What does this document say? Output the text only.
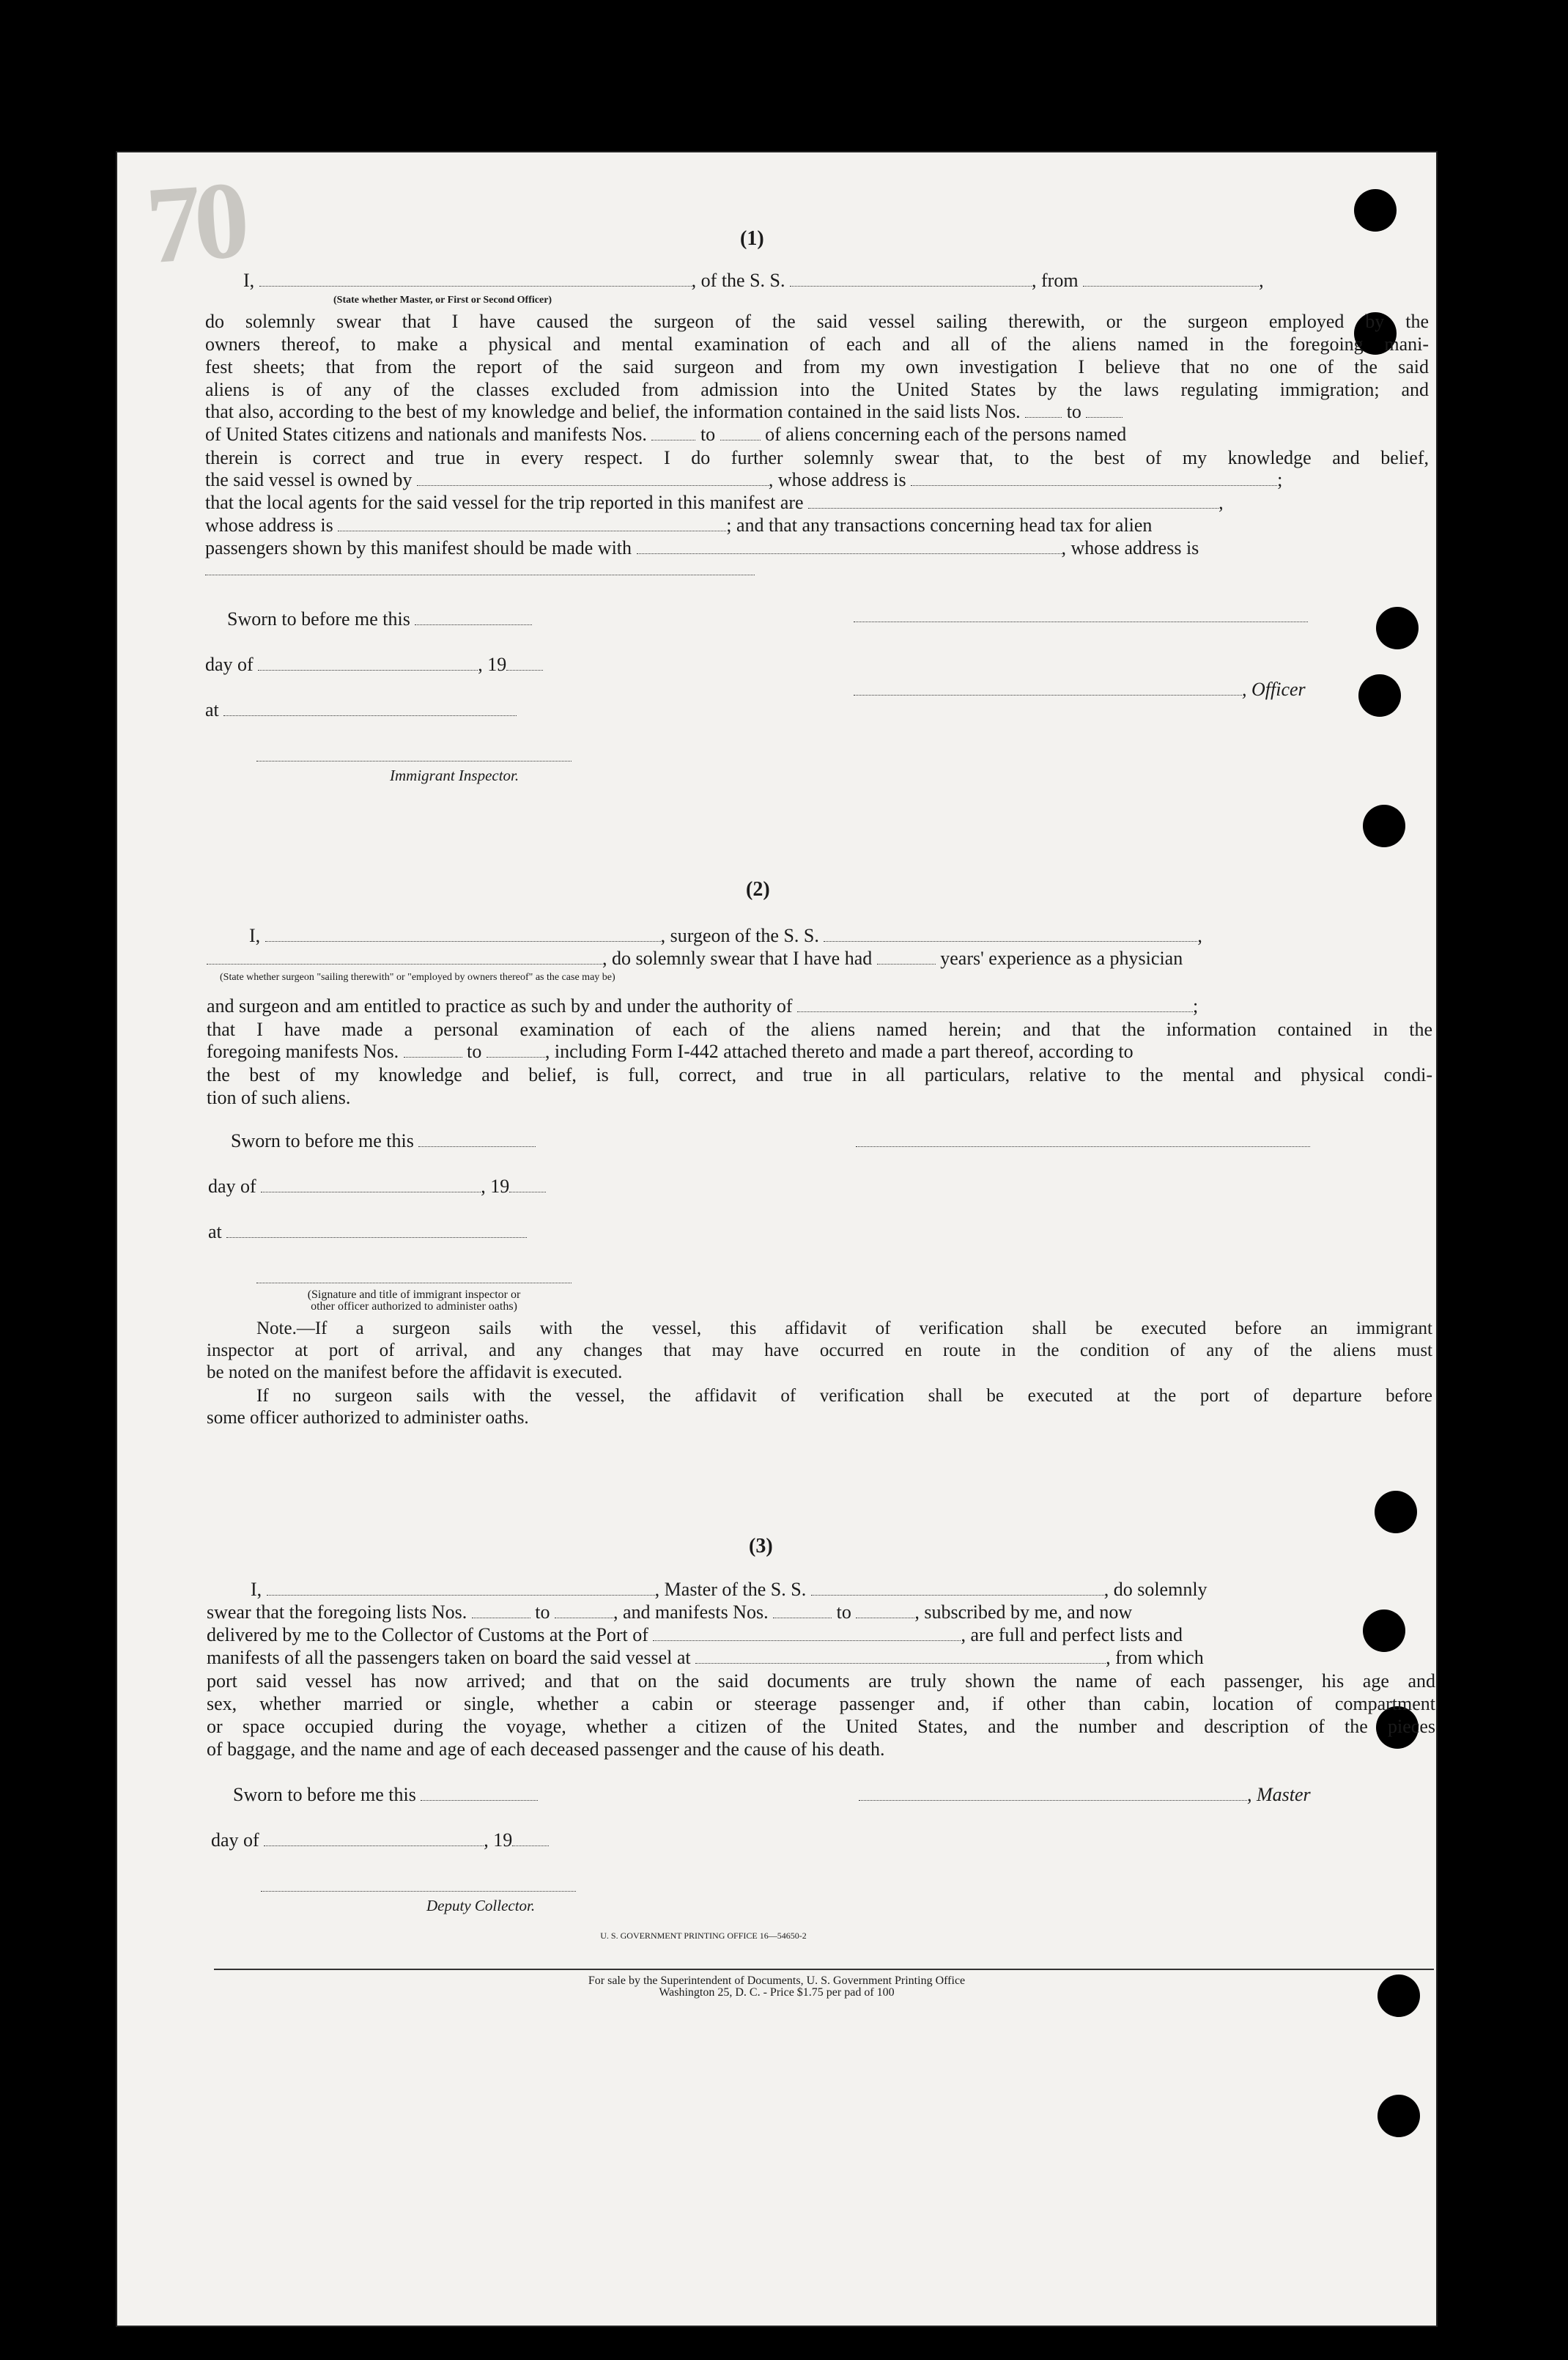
70	(1)
I,	, of the S. S.	, from	,
(State whether Master, or First or Second Officer)
do solemnly swear that I have caused the surgeon of the said vessel sailing therewith, or the surgeon employed by the
owners thereof, to make a physical and mental examination of each and all of the aliens named in the foregoing mani-
fest sheets; that from the report of the said surgeon and from my own investigation I believe that no one of the said
aliens is of any of the classes excluded from admission into the United States by the laws regulating immigration; and
that also, according to the best of my knowledge and belief, the information contained in the said lists Nos. to
of United States citizens and nationals and manifests Nos.	to	of aliens concerning each of the persons named
therein is correct and true in every respect. I do further solemnly swear that, to the best of my knowledge and belief,
the said vessel is owned by	, whose address is	;
that the local agents for the said vessel for the trip reported in this manifest are	,
whose address is	; and that any transactions concerning head tax for alien
passengers shown by this manifest should be made with	, whose address is
Sworn to before me this
day of	, 19
, Officer
at
Immigrant Inspector.
(2)
I,	, surgeon of the S. S.	,
, do solemnly swear that I have had	years' experience as a physician
(State whether surgeon "sailing therewith" or "employed by owners thereof" as the case may be)
and surgeon and am entitled to practice as such by and under the authority of	;
that I have made a personal examination of each of the aliens named herein; and that the information contained in the
foregoing manifests Nos.	to	, including Form I-442 attached thereto and made a part thereof, according to
the best of my knowledge and belief, is full, correct, and true in all particulars, relative to the mental and physical condi-
tion of such aliens.
Sworn to before me this
day of	, 19
at
(Signature and title of immigrant inspector or
other officer authorized to administer oaths)
Note.—If a surgeon sails with the vessel, this affidavit of verification shall be executed before an immigrant
inspector at port of arrival, and any changes that may have occurred en route in the condition of any of the aliens must
be noted on the manifest before the affidavit is executed.
If no surgeon sails with the vessel, the affidavit of verification shall be executed at the port of departure before
some officer authorized to administer oaths.
(3)
I,	, Master of the S. S.	, do solemnly
swear that the foregoing lists Nos.	to	, and manifests Nos.	to	, subscribed by me, and now
delivered by me to the Collector of Customs at the Port of	, are full and perfect lists and
manifests of all the passengers taken on board the said vessel at	, from which
port said vessel has now arrived; and that on the said documents are truly shown the name of each passenger, his age and
sex, whether married or single, whether a cabin or steerage passenger and, if other than cabin, location of compartment
or space occupied during the voyage, whether a citizen of the United States, and the number and description of the pieces
of baggage, and the name and age of each deceased passenger and the cause of his death.
Sworn to before me this	, Master
day of	, 19
Deputy Collector.
U. S. GOVERNMENT PRINTING OFFICE 16—54650-2
For sale by the Superintendent of Documents, U. S. Government Printing Office
Washington 25, D. C. - Price $1.75 per pad of 100
